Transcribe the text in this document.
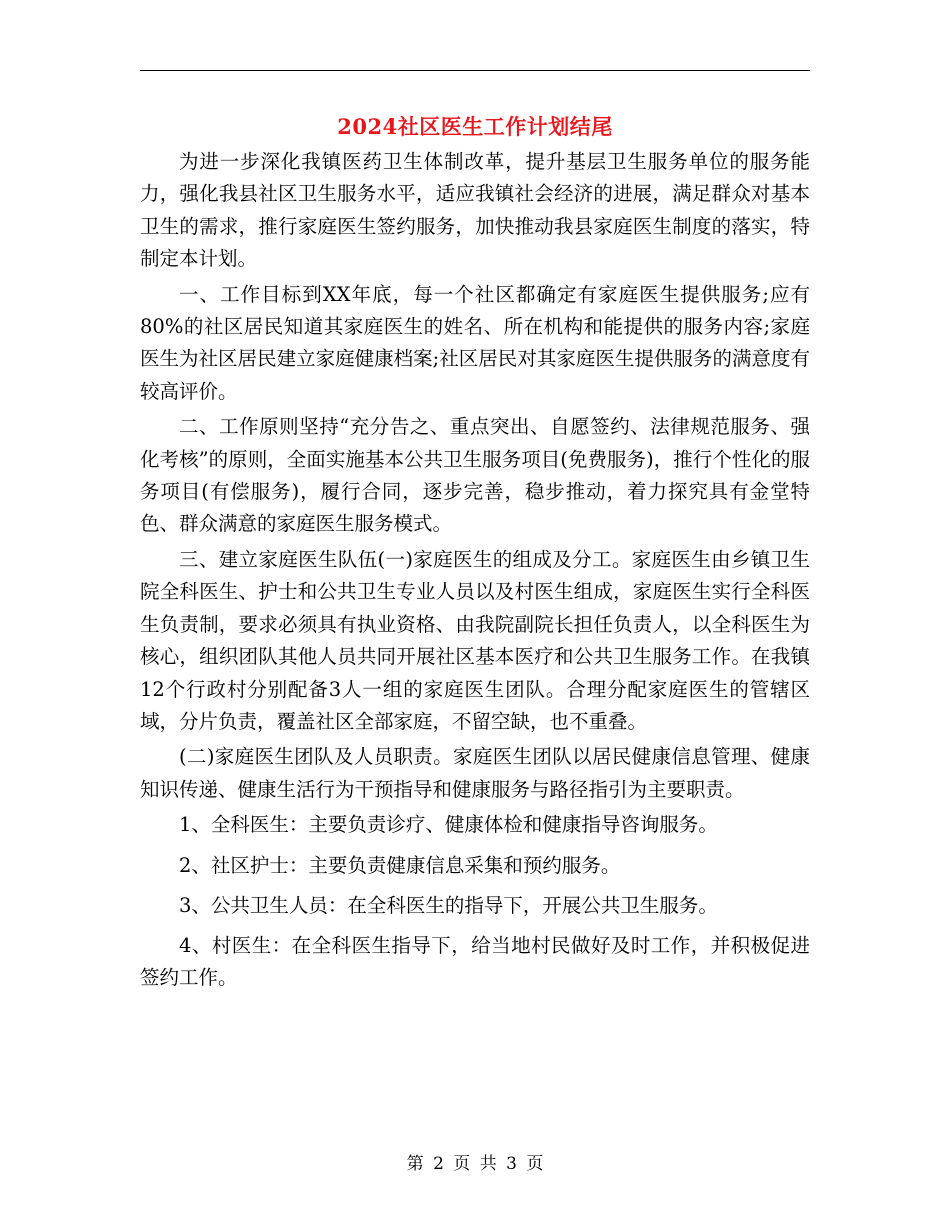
2024社区医生工作计划结尾

为进一步深化我镇医药卫生体制改革，提升基层卫生服务单位的服务能力，强化我县社区卫生服务水平，适应我镇社会经济的进展，满足群众对基本卫生的需求，推行家庭医生签约服务，加快推动我县家庭医生制度的落实，特制定本计划。

一、工作目标到XX年底，每一个社区都确定有家庭医生提供服务;应有80%的社区居民知道其家庭医生的姓名、所在机构和能提供的服务内容;家庭医生为社区居民建立家庭健康档案;社区居民对其家庭医生提供服务的满意度有较高评价。

二、工作原则坚持“充分告之、重点突出、自愿签约、法律规范服务、强化考核”的原则，全面实施基本公共卫生服务项目(免费服务)，推行个性化的服务项目(有偿服务)，履行合同，逐步完善，稳步推动，着力探究具有金堂特色、群众满意的家庭医生服务模式。

三、建立家庭医生队伍(一)家庭医生的组成及分工。家庭医生由乡镇卫生院全科医生、护士和公共卫生专业人员以及村医生组成，家庭医生实行全科医生负责制，要求必须具有执业资格、由我院副院长担任负责人，以全科医生为核心，组织团队其他人员共同开展社区基本医疗和公共卫生服务工作。在我镇12个行政村分别配备3人一组的家庭医生团队。合理分配家庭医生的管辖区域，分片负责，覆盖社区全部家庭，不留空缺，也不重叠。

(二)家庭医生团队及人员职责。家庭医生团队以居民健康信息管理、健康知识传递、健康生活行为干预指导和健康服务与路径指引为主要职责。

1、全科医生：主要负责诊疗、健康体检和健康指导咨询服务。

2、社区护士：主要负责健康信息采集和预约服务。

3、公共卫生人员：在全科医生的指导下，开展公共卫生服务。

4、村医生：在全科医生指导下，给当地村民做好及时工作，并积极促进签约工作。

第 2 页 共 3 页
